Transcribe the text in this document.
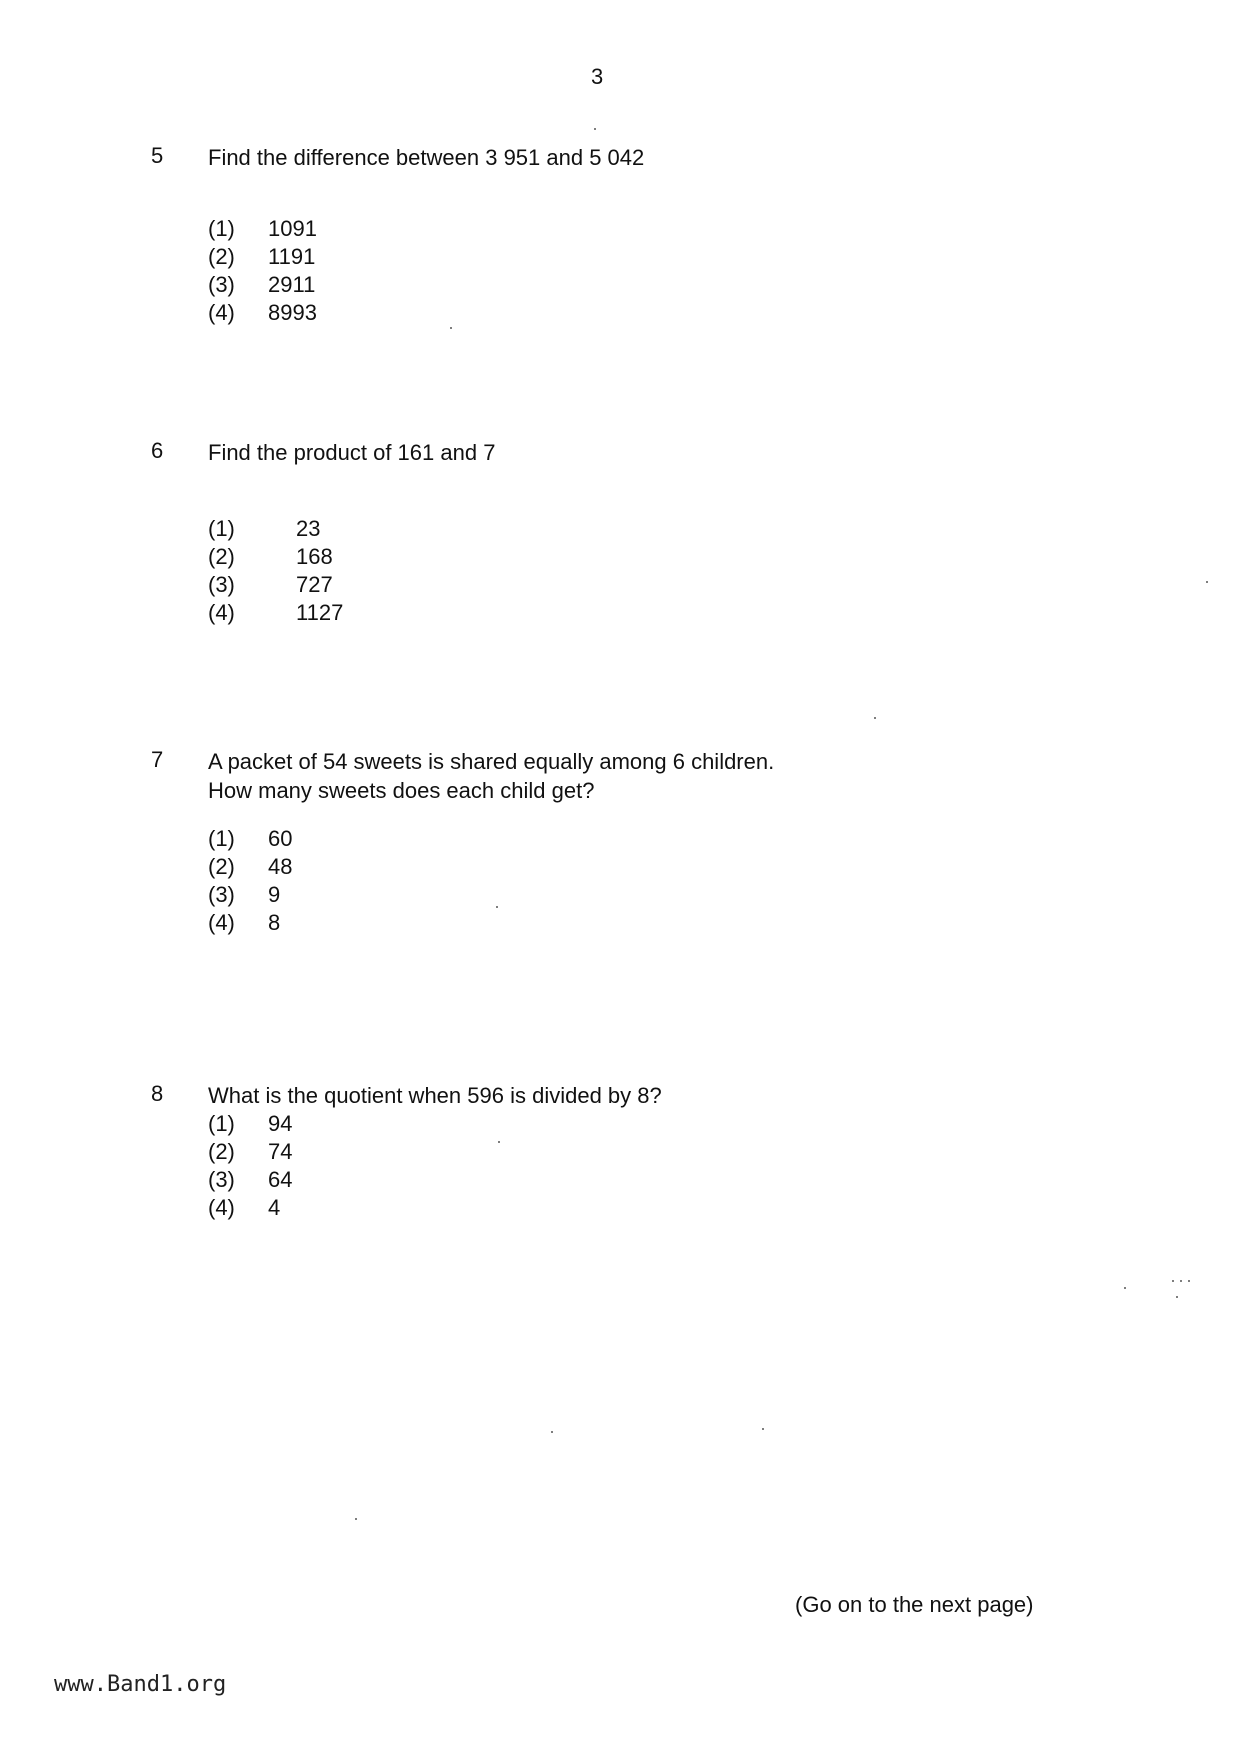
3
5 Find the difference between 3 951 and 5 042
(1) 1091
(2) 1191
(3) 2911
(4) 8993
6 Find the product of 161 and 7
(1)	23
(2)	168
(3)	727
(4)	1127
7 A packet of 54 sweets is shared equally among 6 children.
How many sweets does each child get?
(1) 60
(2) 48
(3) 9
(4) 8
8 What is the quotient when 596 is divided by 8?
(1) 94
(2) 74
(3) 64
(4) 4
(Go on to the next page)
www.Band1.org
